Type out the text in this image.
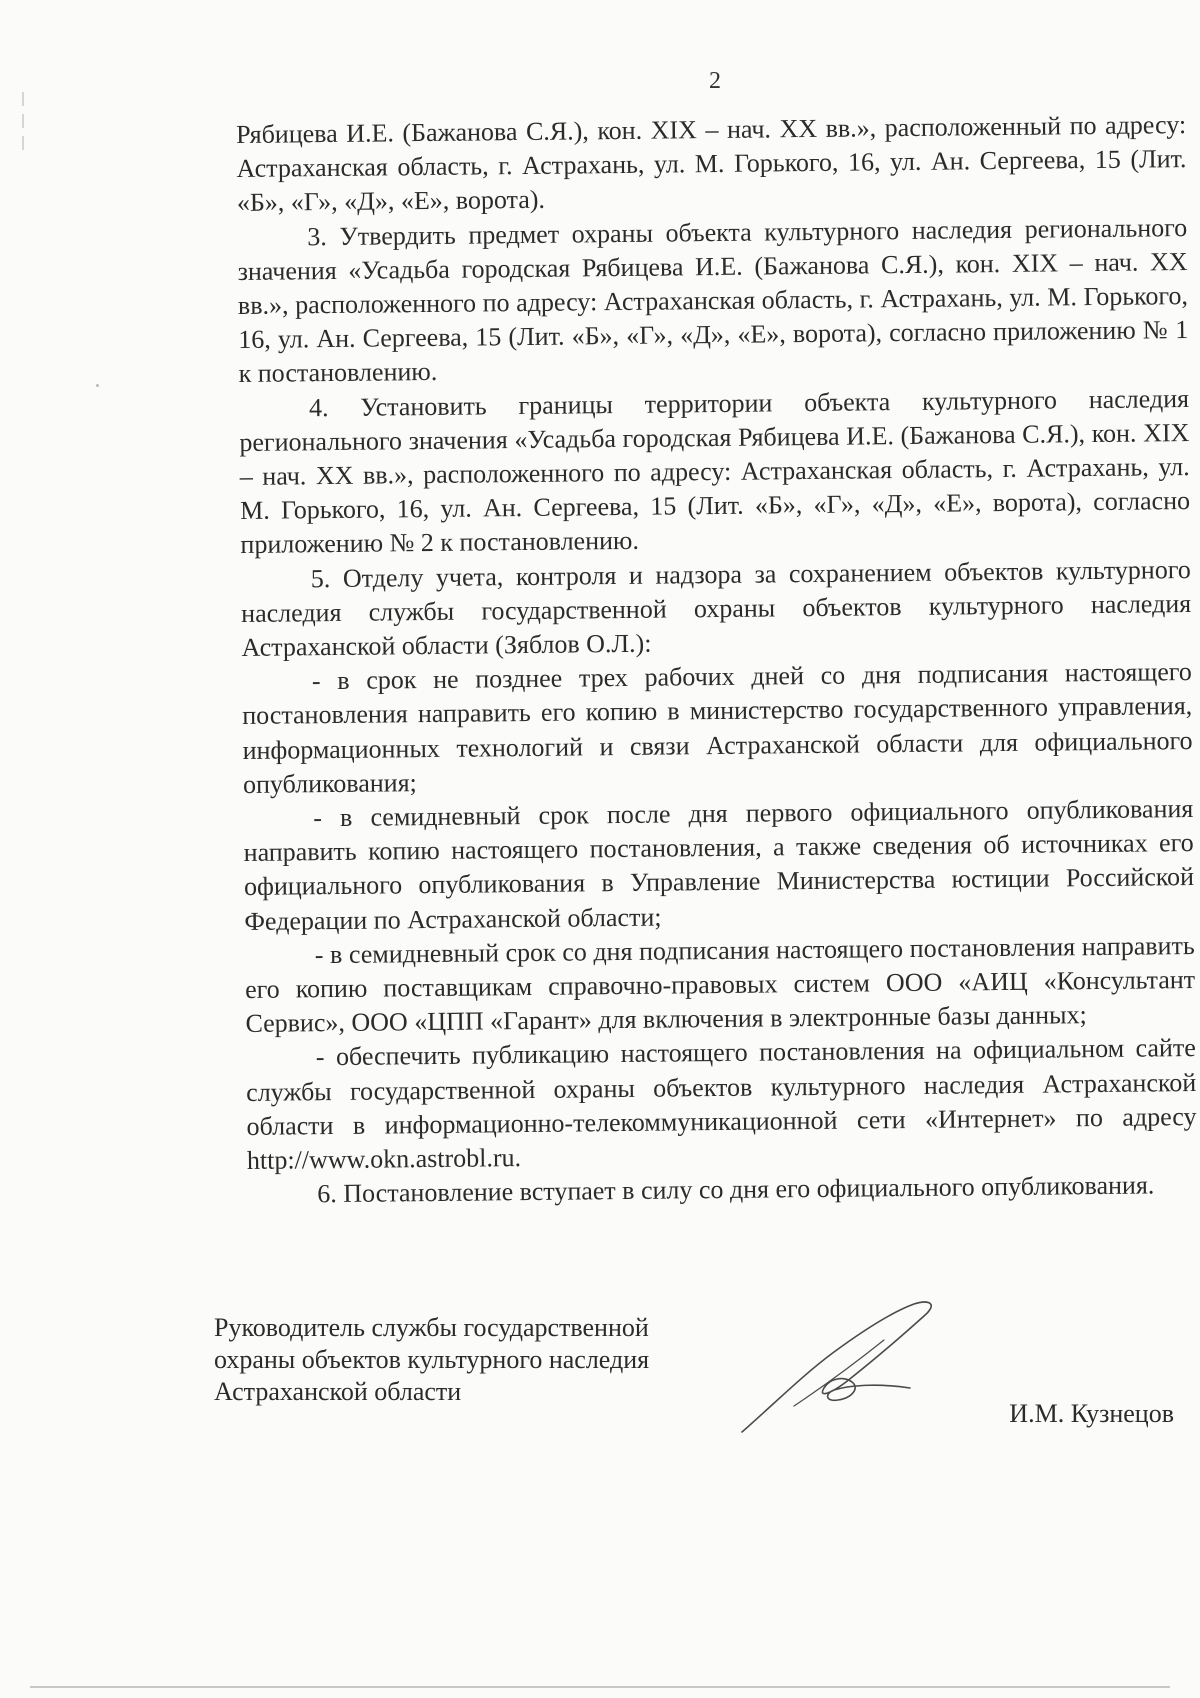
2

Рябицева И.Е. (Бажанова С.Я.), кон. XIX – нач. XX вв.», расположенный по адресу: Астраханская область, г. Астрахань, ул. М. Горького, 16, ул. Ан. Сергеева, 15 (Лит. «Б», «Г», «Д», «Е», ворота).

3. Утвердить предмет охраны объекта культурного наследия регионального значения «Усадьба городская Рябицева И.Е. (Бажанова С.Я.), кон. XIX – нач. XX вв.», расположенного по адресу: Астраханская область, г. Астрахань, ул. М. Горького, 16, ул. Ан. Сергеева, 15 (Лит. «Б», «Г», «Д», «Е», ворота), согласно приложению № 1 к постановлению.

4. Установить границы территории объекта культурного наследия регионального значения «Усадьба городская Рябицева И.Е. (Бажанова С.Я.), кон. XIX – нач. XX вв.», расположенного по адресу: Астраханская область, г. Астрахань, ул. М. Горького, 16, ул. Ан. Сергеева, 15 (Лит. «Б», «Г», «Д», «Е», ворота), согласно приложению № 2 к постановлению.

5. Отделу учета, контроля и надзора за сохранением объектов культурного наследия службы государственной охраны объектов культурного наследия Астраханской области (Зяблов О.Л.):

- в срок не позднее трех рабочих дней со дня подписания настоящего постановления направить его копию в министерство государственного управления, информационных технологий и связи Астраханской области для официального опубликования;

- в семидневный срок после дня первого официального опубликования направить копию настоящего постановления, а также сведения об источниках его официального опубликования в Управление Министерства юстиции Российской Федерации по Астраханской области;

- в семидневный срок со дня подписания настоящего постановления направить его копию поставщикам справочно-правовых систем ООО «АИЦ «Консультант Сервис», ООО «ЦПП «Гарант» для включения в электронные базы данных;

- обеспечить публикацию настоящего постановления на официальном сайте службы государственной охраны объектов культурного наследия Астраханской области в информационно-телекоммуникационной сети «Интернет» по адресу http://www.okn.astrobl.ru.

6. Постановление вступает в силу со дня его официального опубликования.

Руководитель службы государственной
охраны объектов культурного наследия
Астраханской области
И.М. Кузнецов
